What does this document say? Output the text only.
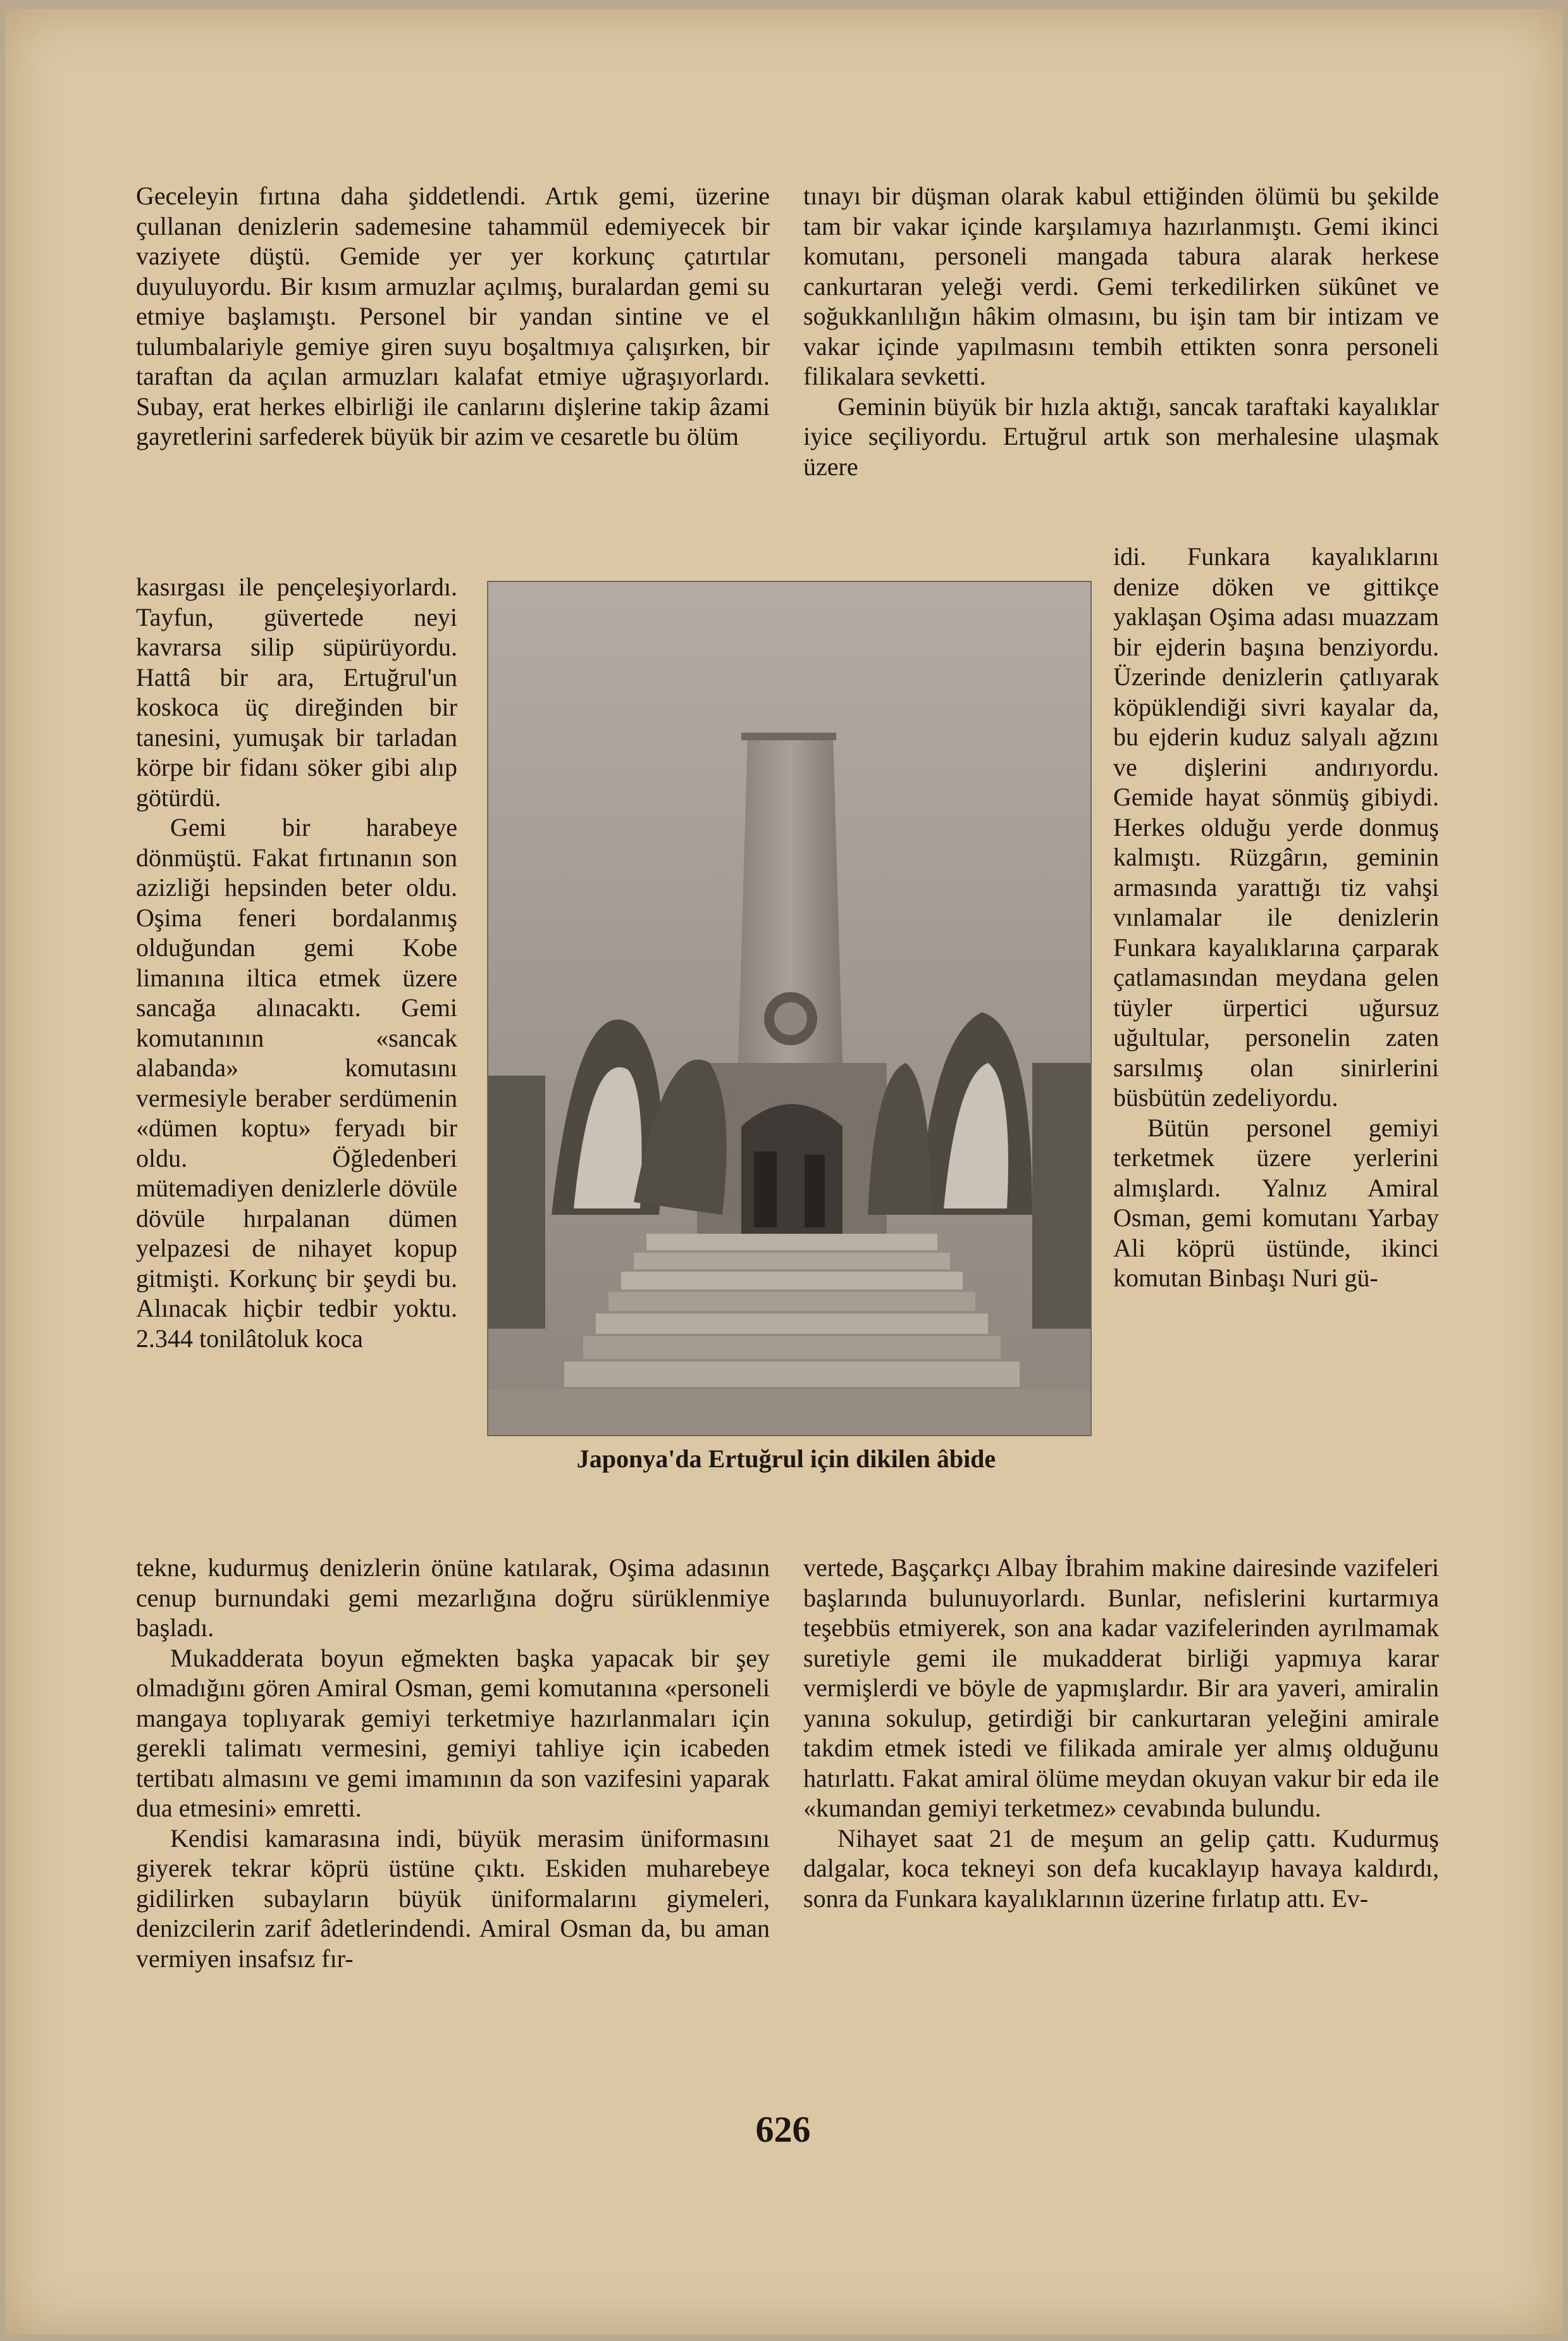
Geceleyin fırtına daha şiddetlendi. Artık gemi, üzerine çullanan denizlerin sademesine tahammül edemiyecek bir vaziyete düştü. Gemide yer yer korkunç çatırtılar duyuluyordu. Bir kısım armuzlar açılmış, buralardan gemi su etmiye başlamıştı. Personel bir yandan sintine ve el tulumbalariyle gemiye giren suyu boşaltmıya çalışırken, bir taraftan da açılan armuzları kalafat etmiye uğraşıyorlardı. Subay, erat herkes elbirliği ile canlarını dişlerine takip âzami gayretlerini sarfederek büyük bir azim ve cesaretle bu ölüm

kasırgası ile pençeleşiyorlardı. Tayfun, güvertede neyi kavrarsa silip süpürüyordu. Hattâ bir ara, Ertuğrul'un koskoca üç direğinden bir tanesini, yumuşak bir tarladan körpe bir fidanı söker gibi alıp götürdü.

Gemi bir harabeye dönmüştü. Fakat fırtınanın son azizliği hepsinden beter oldu. Oşima feneri bordalanmış olduğundan gemi Kobe limanına iltica etmek üzere sancağa alınacaktı. Gemi komutanının «sancak alabanda» komutasını vermesiyle beraber serdümenin «dümen koptu» feryadı bir oldu. Öğledenberi mütemadiyen denizlerle dövüle dövüle hırpalanan dümen yelpazesi de nihayet kopup gitmişti. Korkunç bir şeydi bu. Alınacak hiçbir tedbir yoktu. 2.344 tonilâtoluk koca

tekne, kudurmuş denizlerin önüne katılarak, Oşima adasının cenup burnundaki gemi mezarlığına doğru sürüklenmiye başladı.

Mukadderata boyun eğmekten başka yapacak bir şey olmadığını gören Amiral Osman, gemi komutanına «personeli mangaya toplıyarak gemiyi terketmiye hazırlanmaları için gerekli talimatı vermesini, gemiyi tahliye için icabeden tertibatı almasını ve gemi imamının da son vazifesini yaparak dua etmesini» emretti.

Kendisi kamarasına indi, büyük merasim üniformasını giyerek tekrar köprü üstüne çıktı. Eskiden muharebeye gidilirken subayların büyük üniformalarını giymeleri, denizcilerin zarif âdetlerindendi. Amiral Osman da, bu aman vermiyen insafsız fır-

tınayı bir düşman olarak kabul ettiğinden ölümü bu şekilde tam bir vakar içinde karşılamıya hazırlanmıştı. Gemi ikinci komutanı, personeli mangada tabura alarak herkese cankurtaran yeleği verdi. Gemi terkedilirken sükûnet ve soğukkanlılığın hâkim olmasını, bu işin tam bir intizam ve vakar içinde yapılmasını tembih ettikten sonra personeli filikalara sevketti.

Geminin büyük bir hızla aktığı, sancak taraftaki kayalıklar iyice seçiliyordu. Ertuğrul artık son merhalesine ulaşmak üzere

idi. Funkara kayalıklarını denize döken ve gittikçe yaklaşan Oşima adası muazzam bir ejderin başına benziyordu. Üzerinde denizlerin çatlıyarak köpüklendiği sivri kayalar da, bu ejderin kuduz salyalı ağzını ve dişlerini andırıyordu. Gemide hayat sönmüş gibiydi. Herkes olduğu yerde donmuş kalmıştı. Rüzgârın, geminin armasında yarattığı tiz vahşi vınlamalar ile denizlerin Funkara kayalıklarına çarparak çatlamasından meydana gelen tüyler ürpertici uğursuz uğultular, personelin zaten sarsılmış olan sinirlerini büsbütün zedeliyordu.

Bütün personel gemiyi terketmek üzere yerlerini almışlardı. Yalnız Amiral Osman, gemi komutanı Yarbay Ali köprü üstünde, ikinci komutan Binbaşı Nuri gü-

vertede, Başçarkçı Albay İbrahim makine dairesinde vazifeleri başlarında bulunuyorlardı. Bunlar, nefislerini kurtarmıya teşebbüs etmiyerek, son ana kadar vazifelerinden ayrılmamak suretiyle gemi ile mukadderat birliği yapmıya karar vermişlerdi ve böyle de yapmışlardır. Bir ara yaveri, amiralin yanına sokulup, getirdiği bir cankurtaran yeleğini amirale takdim etmek istedi ve filikada amirale yer almış olduğunu hatırlattı. Fakat amiral ölüme meydan okuyan vakur bir eda ile «kumandan gemiyi terketmez» cevabında bulundu.

Nihayet saat 21 de meşum an gelip çattı. Kudurmuş dalgalar, koca tekneyi son defa kucaklayıp havaya kaldırdı, sonra da Funkara kayalıklarının üzerine fırlatıp attı. Ev-

Japonya'da Ertuğrul için dikilen âbide
626
